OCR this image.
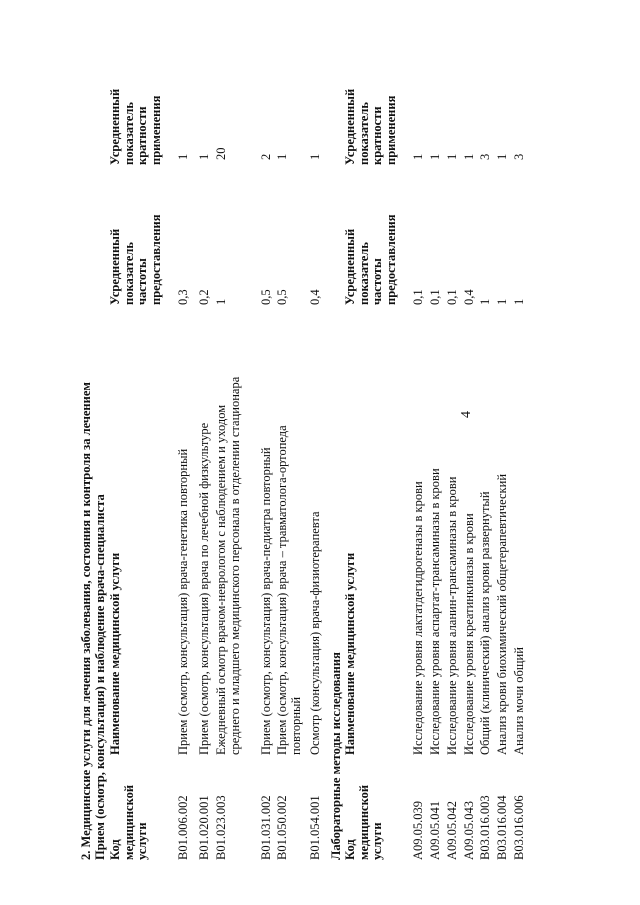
2. Медицинские услуги для лечения заболевания, состояния и контроля за лечением Прием (осмотр, консультация) и наблюдение врача-специалиста Код медицинской услуги
Наименование медицинской услуги
Усредненный показатель частоты предоставления
Усредненный показатель кратности применения
B01.006.002
Прием (осмотр, консультация) врача-генетика повторный
0,3
1
B01.020.001
Прием (осмотр, консультация) врача по лечебной физкультуре
0,2
1
B01.023.003
Ежедневный осмотр врачом-неврологом с наблюдением и уходом среднего и младшего медицинского персонала в отделении стационара
1
20
B01.031.002
Прием (осмотр, консультация) врача-педиатра повторный
0,5
2
B01.050.002
Прием (осмотр, консультация) врача – травматолога-ортопеда повторный
0,5
1
B01.054.001
Осмотр (консультация) врача-физиотерапевта
0,4
1
Лабораторные методы исследования Код медицинской услуги
Наименование медицинской услуги
Усредненный показатель частоты предоставления
Усредненный показатель кратности применения
A09.05.039
Исследование уровня лактатдегидрогеназы в крови
0,1
1
A09.05.041
Исследование уровня аспартат-трансаминазы в крови
0,1
1
A09.05.042
Исследование уровня аланин-трансаминазы в крови
0,1
1
A09.05.043
Исследование уровня креатинкиназы в крови
0,4
1
B03.016.003
Общий (клинический) анализ крови развернутый
1
3
B03.016.004
Анализ крови биохимический общетерапевтический
1
1
B03.016.006
Анализ мочи общий
1
3
4
